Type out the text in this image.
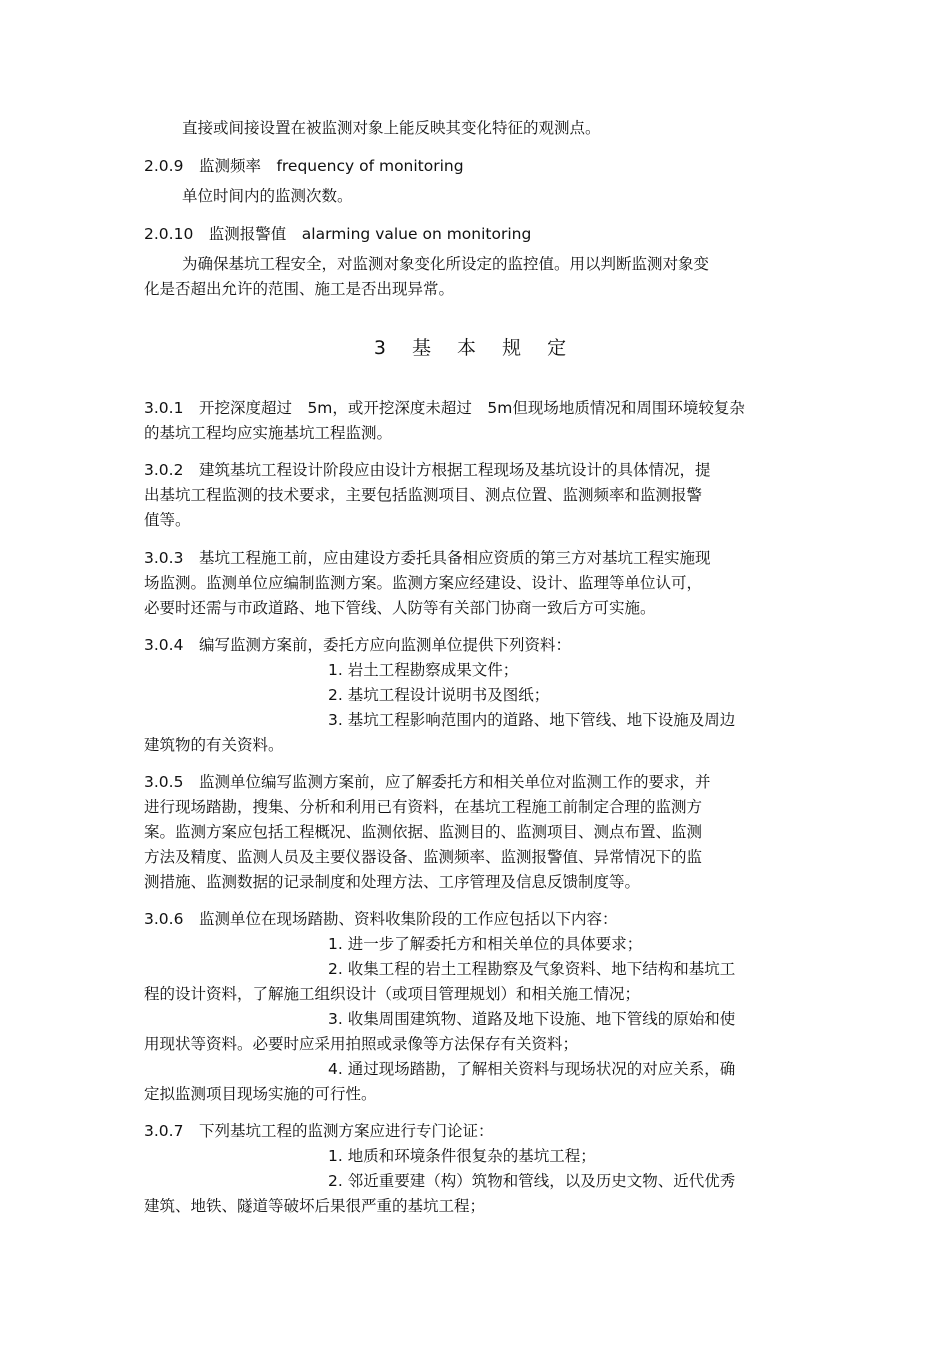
直接或间接设置在被监测对象上能反映其变化特征的观测点。
2.0.9　监测频率　frequency of monitoring
单位时间内的监测次数。
2.0.10　监测报警值　alarming value on monitoring
为确保基坑工程安全，对监测对象变化所设定的监控值。用以判断监测对象变
化是否超出允许的范围、施工是否出现异常。
3 基 本 规 定
3.0.1　开挖深度超过　5m，或开挖深度未超过　5m但现场地质情况和周围环境较复杂
的基坑工程均应实施基坑工程监测。
3.0.2　建筑基坑工程设计阶段应由设计方根据工程现场及基坑设计的具体情况，提
出基坑工程监测的技术要求，主要包括监测项目、测点位置、监测频率和监测报警
值等。
3.0.3　基坑工程施工前，应由建设方委托具备相应资质的第三方对基坑工程实施现
场监测。监测单位应编制监测方案。监测方案应经建设、设计、监理等单位认可，
必要时还需与市政道路、地下管线、人防等有关部门协商一致后方可实施。
3.0.4　编写监测方案前，委托方应向监测单位提供下列资料：
1. 岩土工程勘察成果文件；
2. 基坑工程设计说明书及图纸；
3. 基坑工程影响范围内的道路、地下管线、地下设施及周边
建筑物的有关资料。
3.0.5　监测单位编写监测方案前，应了解委托方和相关单位对监测工作的要求，并
进行现场踏勘，搜集、分析和利用已有资料，在基坑工程施工前制定合理的监测方
案。监测方案应包括工程概况、监测依据、监测目的、监测项目、测点布置、监测
方法及精度、监测人员及主要仪器设备、监测频率、监测报警值、异常情况下的监
测措施、监测数据的记录制度和处理方法、工序管理及信息反馈制度等。
3.0.6　监测单位在现场踏勘、资料收集阶段的工作应包括以下内容：
1. 进一步了解委托方和相关单位的具体要求；
2. 收集工程的岩土工程勘察及气象资料、地下结构和基坑工
程的设计资料，了解施工组织设计（或项目管理规划）和相关施工情况；
3. 收集周围建筑物、道路及地下设施、地下管线的原始和使
用现状等资料。必要时应采用拍照或录像等方法保存有关资料；
4. 通过现场踏勘，了解相关资料与现场状况的对应关系，确
定拟监测项目现场实施的可行性。
3.0.7　下列基坑工程的监测方案应进行专门论证：
1. 地质和环境条件很复杂的基坑工程；
2. 邻近重要建（构）筑物和管线，以及历史文物、近代优秀
建筑、地铁、隧道等破坏后果很严重的基坑工程；
